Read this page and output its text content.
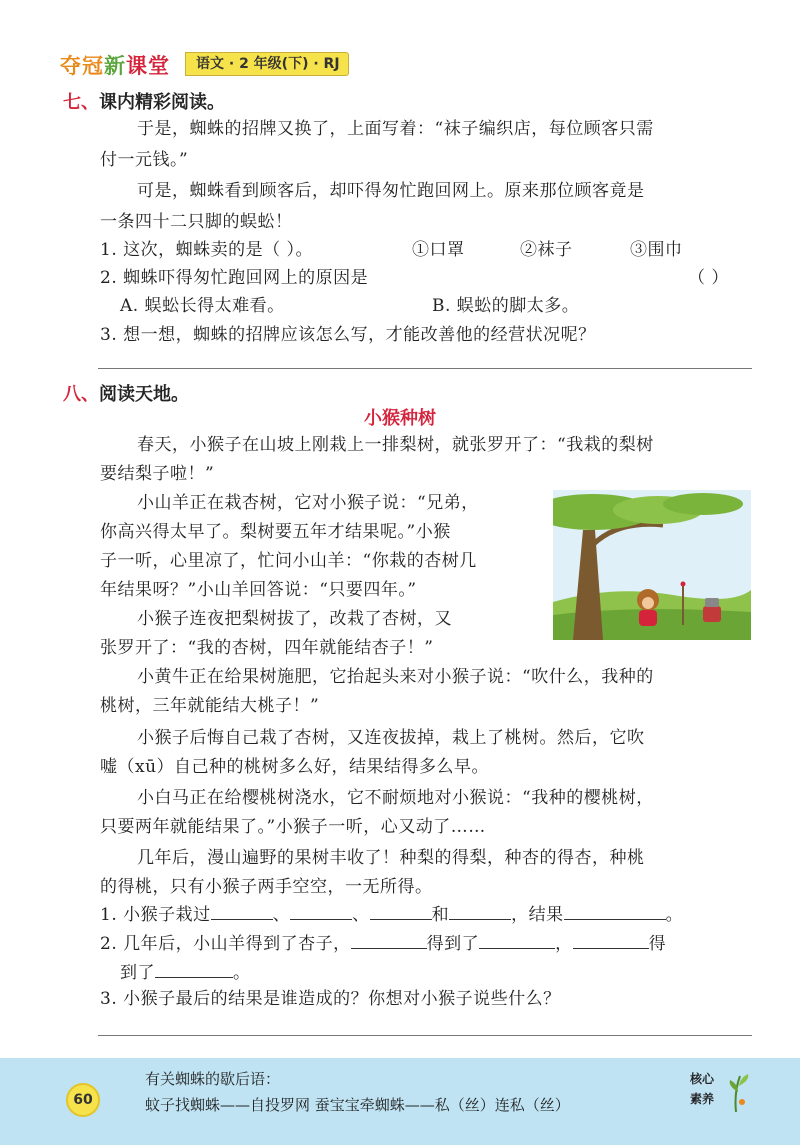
夺冠新课堂	语文 · 2 年级(下) · RJ
七、课内精彩阅读。
于是，蜘蛛的招牌又换了，上面写着：“袜子编织店，每位顾客只需
付一元钱。”
可是，蜘蛛看到顾客后，却吓得匆忙跑回网上。原来那位顾客竟是
一条四十二只脚的蜈蚣！
1. 这次，蜘蛛卖的是（ ）。	①口罩	②袜子	③围巾
2. 蜘蛛吓得匆忙跑回网上的原因是	（ ）
A. 蜈蚣长得太难看。	B. 蜈蚣的脚太多。
3. 想一想，蜘蛛的招牌应该怎么写，才能改善他的经营状况呢？
八、阅读天地。
小猴种树
春天，小猴子在山坡上刚栽上一排梨树，就张罗开了：“我栽的梨树
要结梨子啦！”
小山羊正在栽杏树，它对小猴子说：“兄弟，
你高兴得太早了。梨树要五年才结果呢。”小猴
子一听，心里凉了，忙问小山羊：“你栽的杏树几
年结果呀？”小山羊回答说：“只要四年。”
小猴子连夜把梨树拔了，改栽了杏树，又
张罗开了：“我的杏树，四年就能结杏子！”
小黄牛正在给果树施肥，它抬起头来对小猴子说：“吹什么，我种的
桃树，三年就能结大桃子！”
小猴子后悔自己栽了杏树，又连夜拔掉，栽上了桃树。然后，它吹
嘘（xū）自己种的桃树多么好，结果结得多么早。
小白马正在给樱桃树浇水，它不耐烦地对小猴说：“我种的樱桃树，
只要两年就能结果了。”小猴子一听，心又动了……
几年后，漫山遍野的果树丰收了！种梨的得梨，种杏的得杏，种桃
的得桃，只有小猴子两手空空，一无所得。
1. 小猴子栽过	、	、	和	，结果	。
2. 几年后，小山羊得到了杏子，	得到了	，	得
到了	。
3. 小猴子最后的结果是谁造成的？你想对小猴子说些什么？
60
有关蜘蛛的歇后语：
蚊子找蜘蛛——自投罗网 蚕宝宝牵蜘蛛——私（丝）连私（丝）
核心
素养
